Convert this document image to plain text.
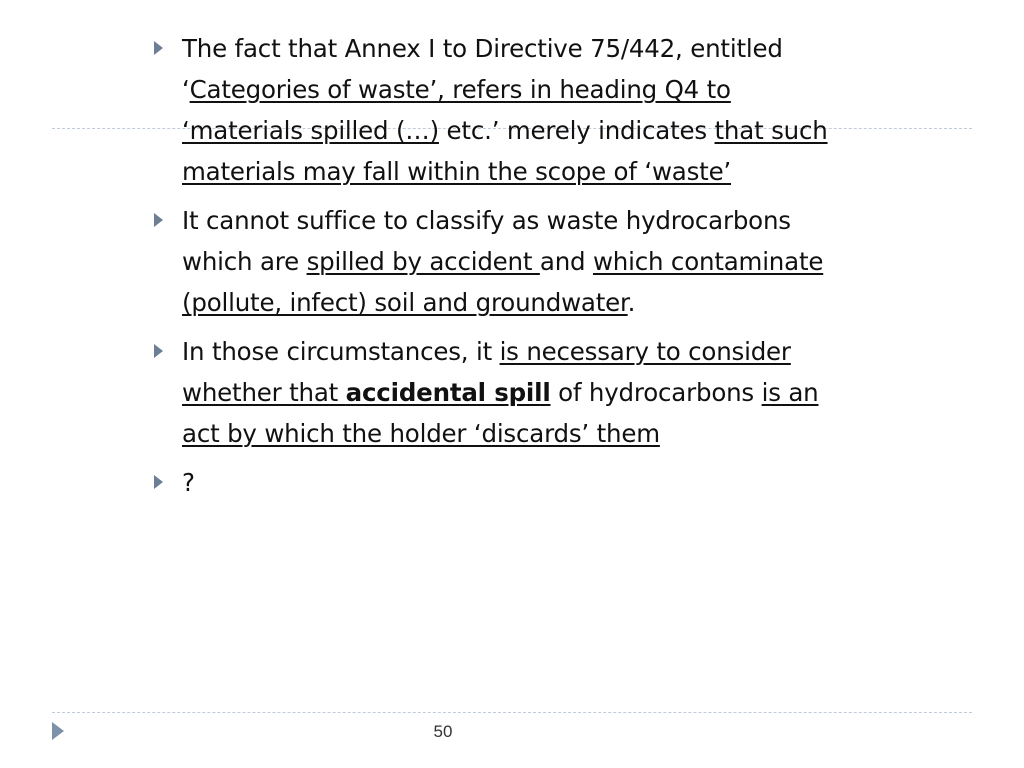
The fact that Annex I to Directive 75/442, entitled ‘Categories of waste’, refers in heading Q4 to ‘materials spilled (…) etc.’ merely indicates that such materials may fall within the scope of ‘waste’
It cannot suffice to classify as waste hydrocarbons which are spilled by accident and which contaminate (pollute, infect) soil and groundwater.
In those circumstances, it is necessary to consider whether that accidental spill of hydrocarbons is an act by which the holder ‘discards’ them
?
50
